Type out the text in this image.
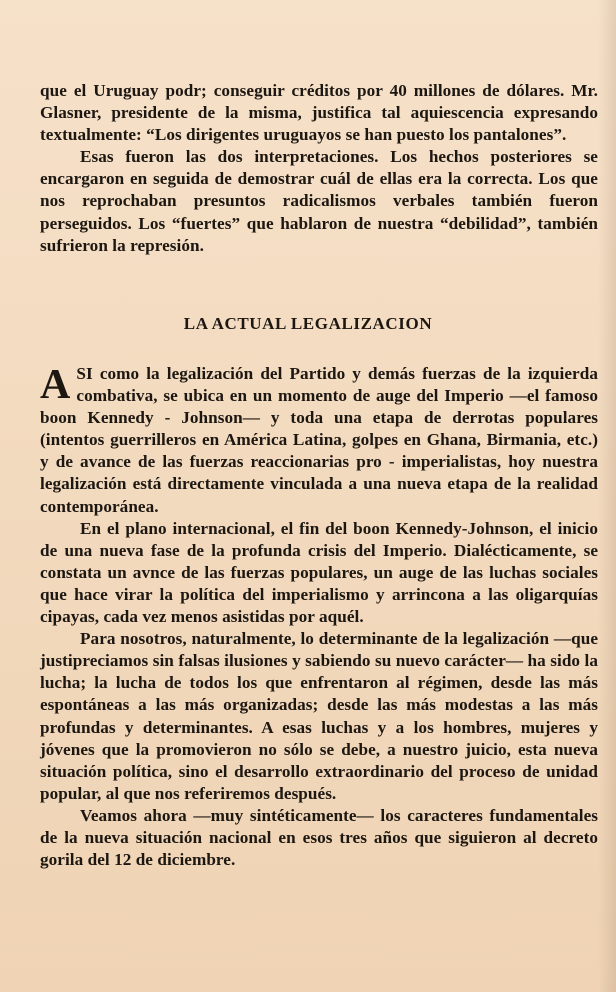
que el Uruguay podr; conseguir créditos por 40 millones de dólares. Mr. Glasner, presidente de la misma, justifica tal aquiescencia expresando textualmente: “Los dirigentes uruguayos se han puesto los pantalones”.

Esas fueron las dos interpretaciones. Los hechos posteriores se encargaron en seguida de demostrar cuál de ellas era la correcta. Los que nos reprochaban presuntos radicalismos verbales también fueron perseguidos. Los “fuertes” que hablaron de nuestra “debilidad”, también sufrieron la represión.

LA ACTUAL LEGALIZACION

ASI como la legalización del Partido y demás fuerzas de la izquierda combativa, se ubica en un momento de auge del Imperio —el famoso boon Kennedy - Johnson— y toda una etapa de derrotas populares (intentos guerrilleros en América Latina, golpes en Ghana, Birmania, etc.) y de avance de las fuerzas reaccionarias pro - imperialistas, hoy nuestra legalización está directamente vinculada a una nueva etapa de la realidad contemporánea.

En el plano internacional, el fin del boon Kennedy-Johnson, el inicio de una nueva fase de la profunda crisis del Imperio. Dialécticamente, se constata un avnce de las fuerzas populares, un auge de las luchas sociales que hace virar la política del imperialismo y arrincona a las oligarquías cipayas, cada vez menos asistidas por aquél.

Para nosotros, naturalmente, lo determinante de la legalización —que justipreciamos sin falsas ilusiones y sabiendo su nuevo carácter— ha sido la lucha; la lucha de todos los que enfrentaron al régimen, desde las más espontáneas a las más organizadas; desde las más modestas a las más profundas y determinantes. A esas luchas y a los hombres, mujeres y jóvenes que la promovieron no sólo se debe, a nuestro juicio, esta nueva situación política, sino el desarrollo extraordinario del proceso de unidad popular, al que nos referiremos después.

Veamos ahora —muy sintéticamente— los caracteres fundamentales de la nueva situación nacional en esos tres años que siguieron al decreto gorila del 12 de diciembre.
